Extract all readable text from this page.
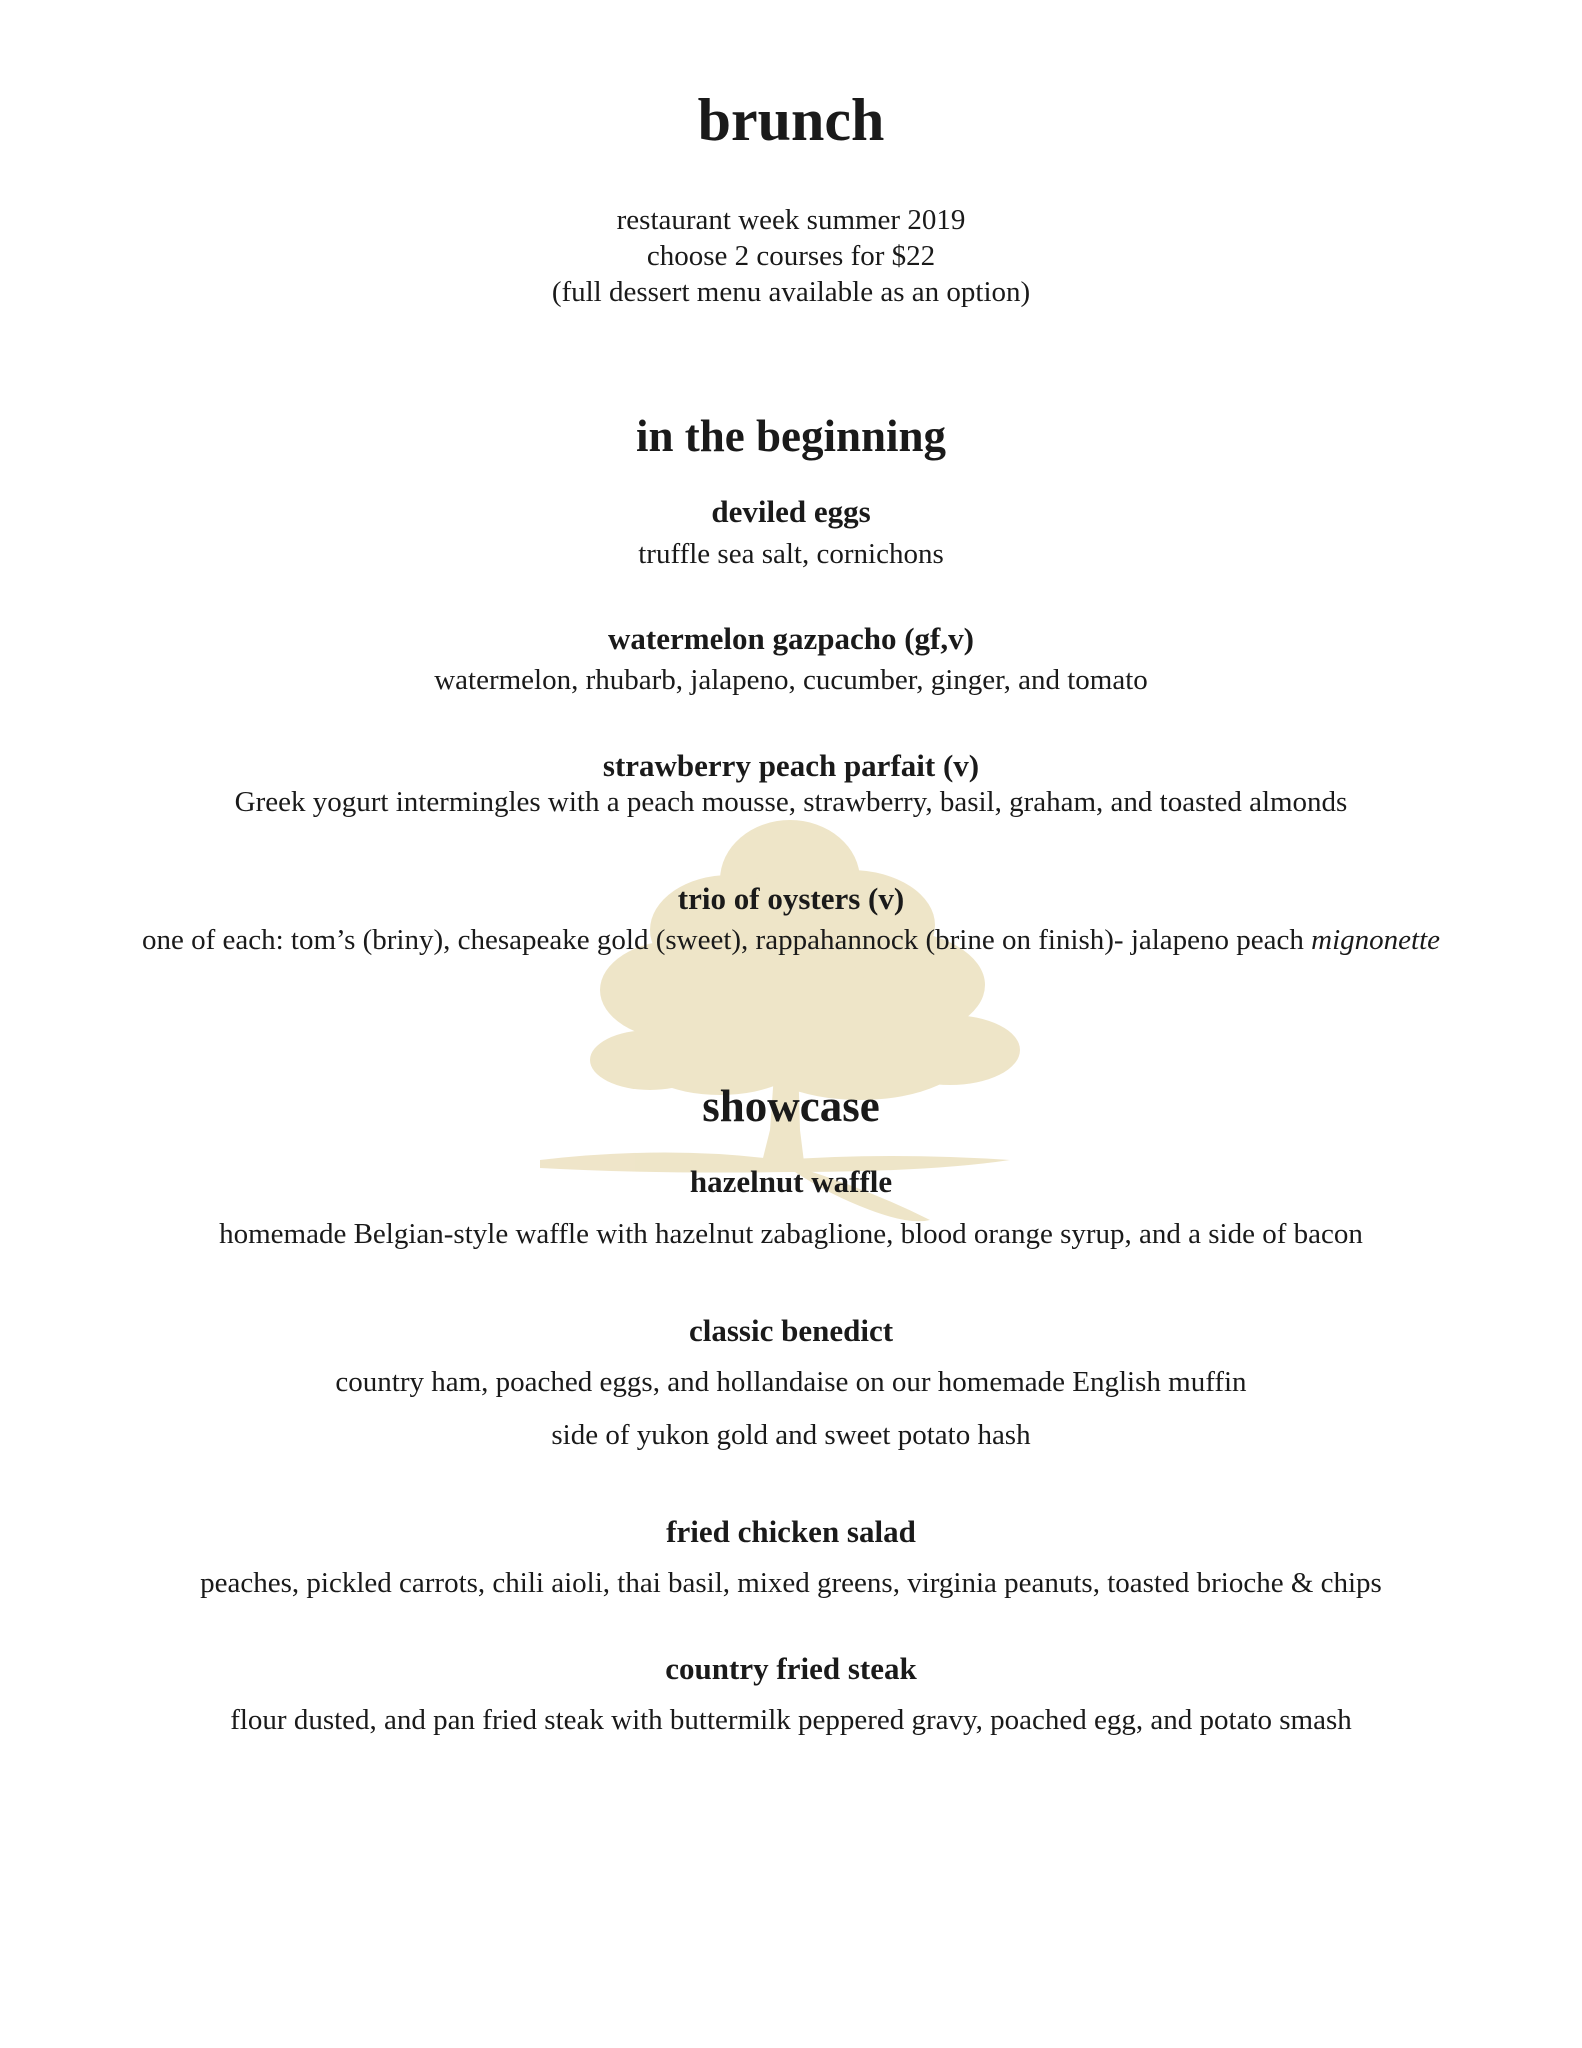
brunch
restaurant week summer 2019
choose 2 courses for $22
(full dessert menu available as an option)
in the beginning
deviled eggs
truffle sea salt, cornichons
watermelon gazpacho (gf,v)
watermelon, rhubarb, jalapeno, cucumber, ginger, and tomato
strawberry peach parfait (v)
Greek yogurt intermingles with a peach mousse, strawberry, basil, graham, and toasted almonds
trio of oysters (v)
one of each: tom’s (briny), chesapeake gold (sweet), rappahannock (brine on finish)- jalapeno peach mignonette
showcase
hazelnut waffle
homemade Belgian-style waffle with hazelnut zabaglione, blood orange syrup, and a side of bacon
classic benedict
country ham, poached eggs, and hollandaise on our homemade English muffin
side of yukon gold and sweet potato hash
fried chicken salad
peaches, pickled carrots, chili aioli, thai basil, mixed greens, virginia peanuts, toasted brioche & chips
country fried steak
flour dusted, and pan fried steak with buttermilk peppered gravy, poached egg, and potato smash
